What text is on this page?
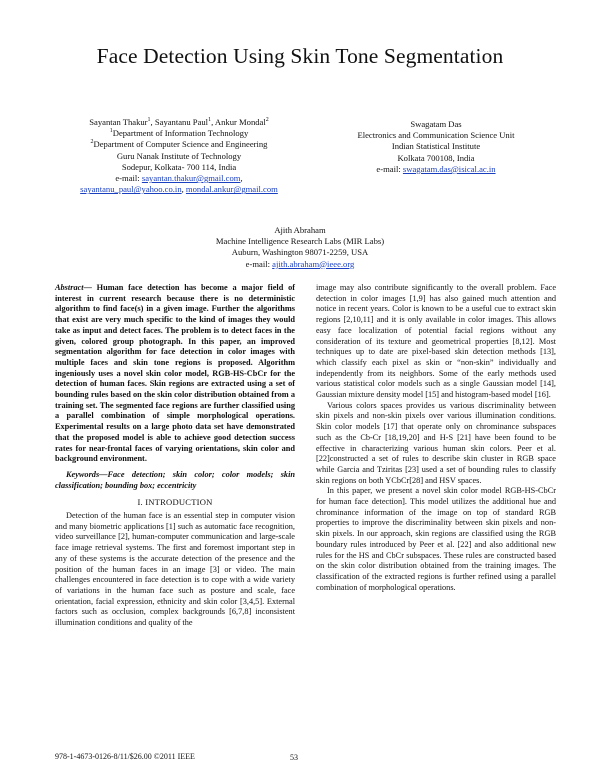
Face Detection Using Skin Tone Segmentation
Sayantan Thakur$^1$, Sayantanu Paul$^1$, Ankur Mondal$^2$
$^1$Department of Information Technology
$^2$Department of Computer Science and Engineering
Guru Nanak Institute of Technology
Sodepur, Kolkata- 700 114, India
e-mail: sayantan.thakur@gmail.com,
sayantanu_paul@yahoo.co.in, mondal.ankur@gmail.com
Swagatam Das
Electronics and Communication Science Unit
Indian Statistical Institute
Kolkata 700108, India
e-mail: swagatam.das@isical.ac.in
Ajith Abraham
Machine Intelligence Research Labs (MIR Labs)
Auburn, Washington 98071-2259, USA
e-mail: ajith.abraham@ieee.org

Abstract— Human face detection has become a major field of interest in current research because there is no deterministic algorithm to find face(s) in a given image. Further the algorithms that exist are very much specific to the kind of images they would take as input and detect faces. The problem is to detect faces in the given, colored group photograph. In this paper, an improved segmentation algorithm for face detection in color images with multiple faces and skin tone regions is proposed. Algorithm ingeniously uses a novel skin color model, RGB-HS-CbCr for the detection of human faces. Skin regions are extracted using a set of bounding rules based on the skin color distribution obtained from a training set. The segmented face regions are further classified using a parallel combination of simple morphological operations. Experimental results on a large photo data set have demonstrated that the proposed model is able to achieve good detection success rates for near-frontal faces of varying orientations, skin color and background environment.

Keywords—Face detection; skin color; color models; skin classification; bounding box; eccentricity

I. INTRODUCTION

Detection of the human face is an essential step in computer vision and many biometric applications [1] such as automatic face recognition, video surveillance [2], human-computer communication and large-scale face image retrieval systems. The first and foremost important step in any of these systems is the accurate detection of the presence and the position of the human faces in an image [3] or video. The main challenges encountered in face detection is to cope with a wide variety of variations in the human face such as posture and scale, face orientation, facial expression, ethnicity and skin color [3,4,5]. External factors such as occlusion, complex backgrounds [6,7,8] inconsistent illumination conditions and quality of the

image may also contribute significantly to the overall problem. Face detection in color images [1,9] has also gained much attention and notice in recent years. Color is known to be a useful cue to extract skin regions [2,10,11] and it is only available in color images. This allows easy face localization of potential facial regions without any consideration of its texture and geometrical properties [8,12]. Most techniques up to date are pixel-based skin detection methods [13], which classify each pixel as skin or “non-skin” individually and independently from its neighbors. Some of the early methods used various statistical color models such as a single Gaussian model [14], Gaussian mixture density model [15] and histogram-based model [16].

Various colors spaces provides us various discriminality between skin pixels and non-skin pixels over various illumination conditions. Skin color models [17] that operate only on chrominance subspaces such as the Cb-Cr [18,19,20] and H-S [21] have been found to be effective in characterizing various human skin colors. Peer et al.[22]constructed a set of rules to describe skin cluster in RGB space while Garcia and Tziritas [23] used a set of bounding rules to classify skin regions on both YCbCr[28] and HSV spaces.

In this paper, we present a novel skin color model RGB-HS-CbCr for human face detection]. This model utilizes the additional hue and chrominance information of the image on top of standard RGB properties to improve the discriminality between skin pixels and non-skin pixels. In our approach, skin regions are classified using the RGB boundary rules introduced by Peer et al. [22] and also additional new rules for the HS and CbCr subspaces. These rules are constructed based on the skin color distribution obtained from the training images. The classification of the extracted regions is further refined using a parallel combination of morphological operations.

978-1-4673-0126-8/11/$26.00 ©2011 IEEE	53
